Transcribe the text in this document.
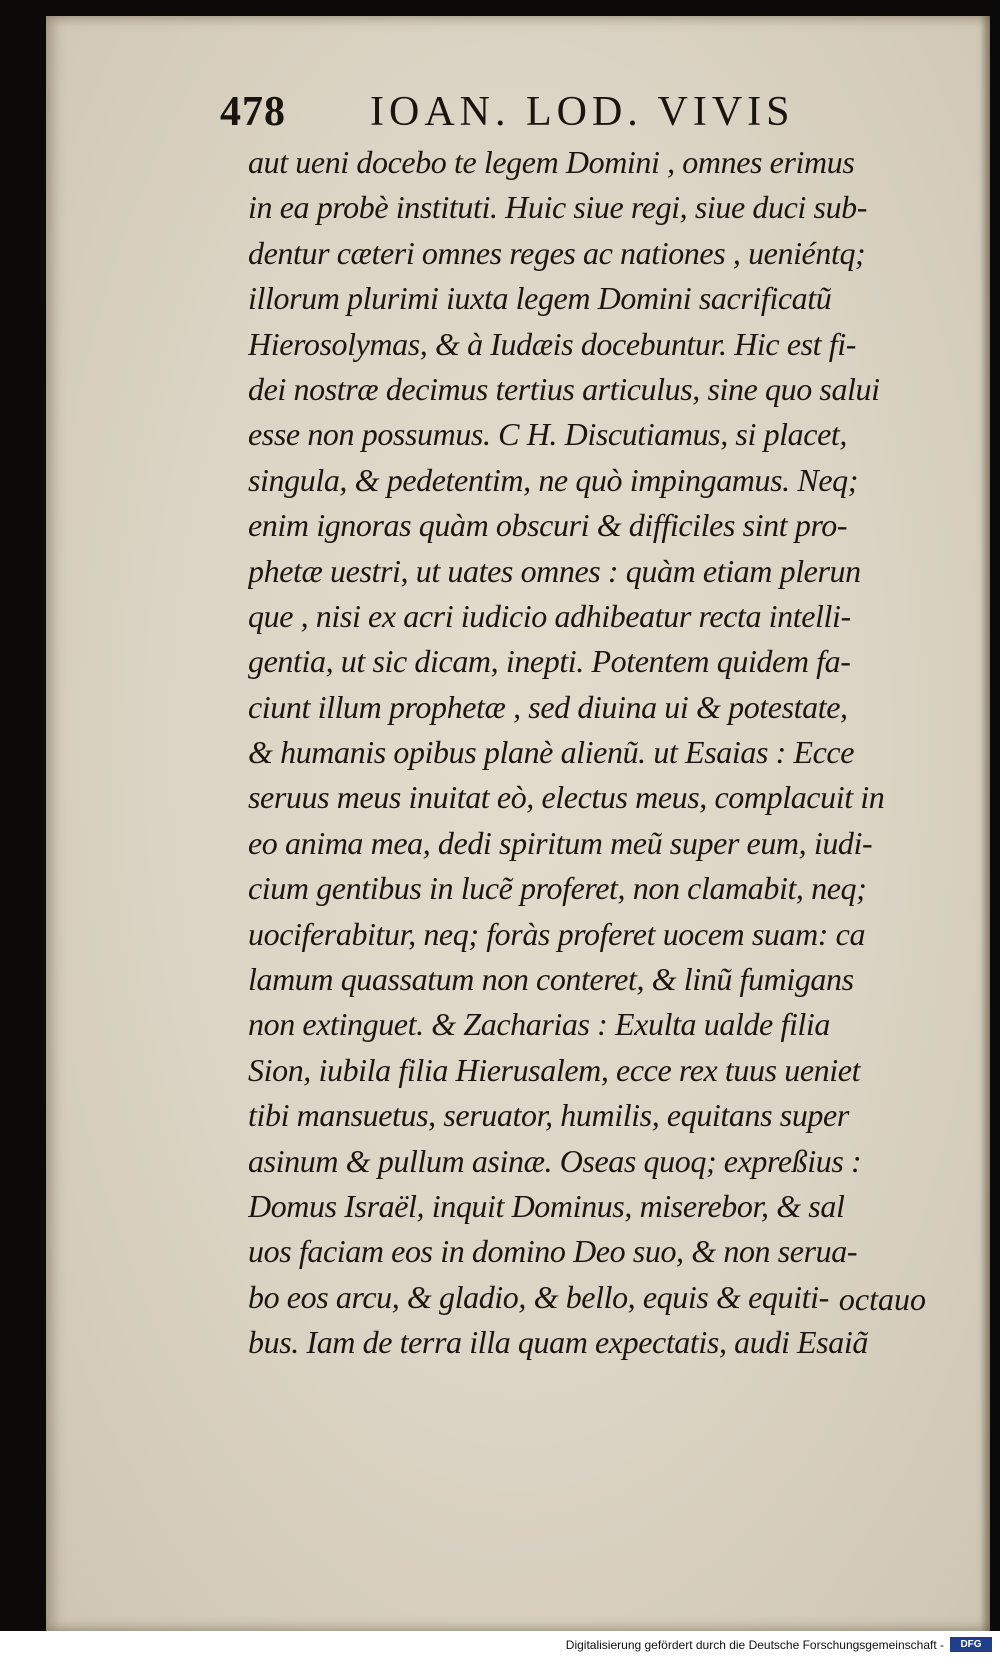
478 IOAN. LOD. VIVIS
aut ueni docebo te legem Domini , omnes erimus
in ea probè instituti. Huic siue regi, siue duci sub-
dentur cæteri omnes reges ac nationes , ueniéntq;
illorum plurimi iuxta legem Domini sacrificatũ
Hierosolymas, & à Iudæis docebuntur. Hic est fi-
dei nostræ decimus tertius articulus, sine quo salui
esse non possumus. C H. Discutiamus, si placet,
singula, & pedetentim, ne quò impingamus. Neq;
enim ignoras quàm obscuri & difficiles sint pro-
phetæ uestri, ut uates omnes : quàm etiam plerun
que , nisi ex acri iudicio adhibeatur recta intelli-
gentia, ut sic dicam, inepti. Potentem quidem fa-
ciunt illum prophetæ , sed diuina ui & potestate,
& humanis opibus planè alienũ. ut Esaias : Ecce
seruus meus inuitat eò, electus meus, complacuit in
eo anima mea, dedi spiritum meũ super eum, iudi-
cium gentibus in lucẽ proferet, non clamabit, neq;
uociferabitur, neq; foràs proferet uocem suam: ca
lamum quassatum non conteret, & linũ fumigans
non extinguet. & Zacharias : Exulta ualde filia
Sion, iubila filia Hierusalem, ecce rex tuus ueniet
tibi mansuetus, seruator, humilis, equitans super
asinum & pullum asinæ. Oseas quoq; expreßius :
Domus Israël, inquit Dominus, miserebor, & sal
uos faciam eos in domino Deo suo, & non serua-
bo eos arcu, & gladio, & bello, equis & equiti-
bus. Iam de terra illa quam expectatis, audi Esaiã
octauo
Digitalisierung gefördert durch die Deutsche Forschungsgemeinschaft -	DFG
